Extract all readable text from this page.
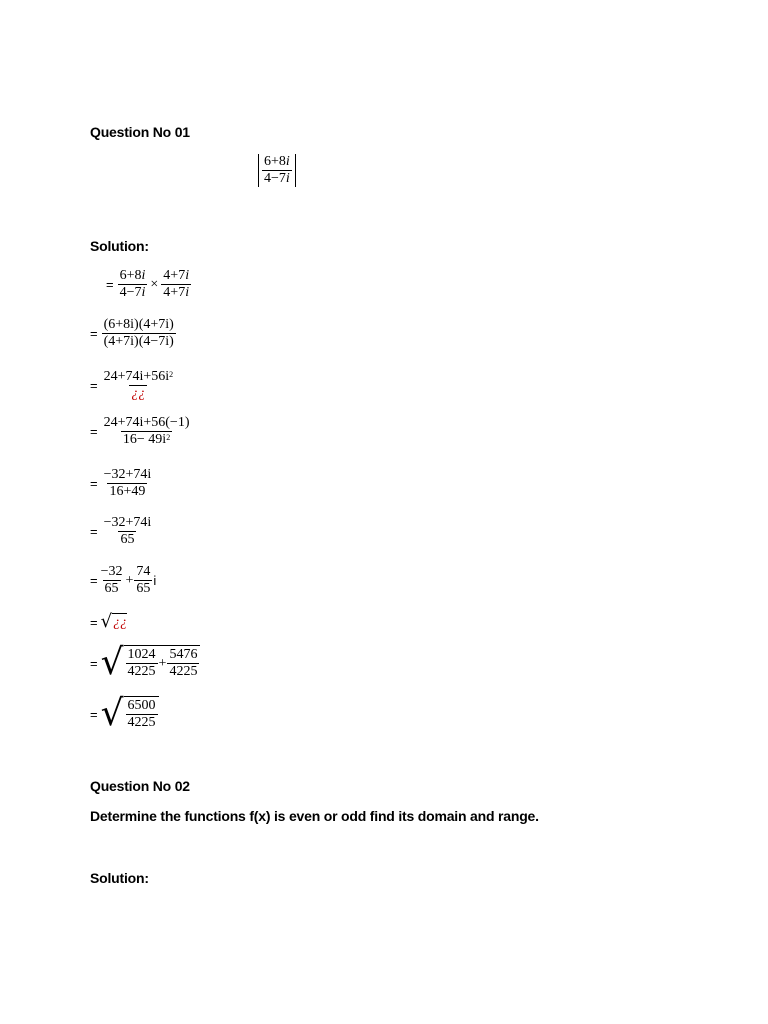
Question No 01
$\frac{6+8i}{4-7i}$
Solution:
= $\frac{6+8i}{4-7i} \times \frac{4+7i}{4+7i}$
= $\frac{(6+8i)(4+7i)}{(4+7i)(4-7i)}$
= $\frac{24+74i+56i^2}{¿¿}$
= $\frac{24+74i+56(-1)}{16- 49i^2}$
= $\frac{-32+74i}{16+49}$
= $\frac{-32+74i}{65}$
= $\frac{-32}{65} + \frac{74}{65}$ i
= √ ¿¿
= √ $\frac{1024}{4225} + \frac{5476}{4225}$
= √ $\frac{6500}{4225}$
Question No 02
Determine the functions f(x) is even or odd find its domain and range.
Solution:
